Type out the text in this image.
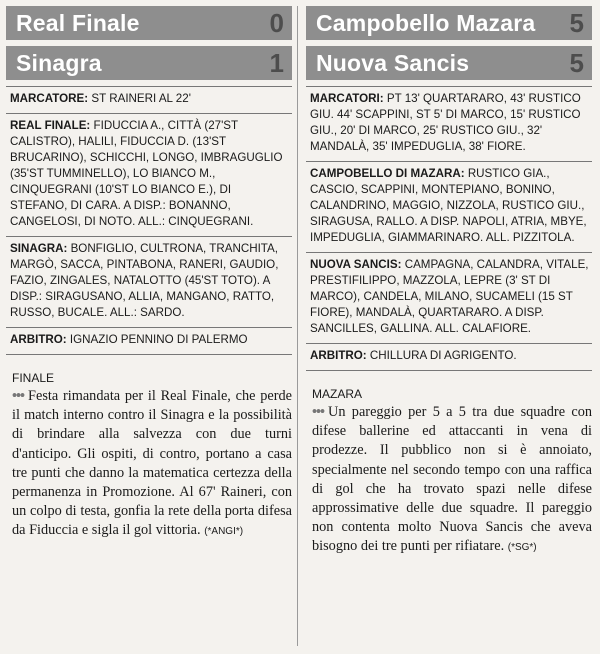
Real Finale	0
Sinagra	1
MARCATORE: ST RAINERI AL 22'
REAL FINALE: FIDUCCIA A., CITTÀ (27'ST CALISTRO), HALILI, FIDUCCIA D. (13'ST BRUCARINO), SCHICCHI, LONGO, IMBRAGUGLIO (35'ST TUMMINELLO), LO BIANCO M., CINQUEGRANI (10'ST LO BIANCO E.), DI STEFANO, DI CARA. A DISP.: BONANNO, CANGELOSI, DI NOTO. ALL.: CINQUEGRANI.
SINAGRA: BONFIGLIO, CULTRONA, TRANCHITA, MARGÒ, SACCA, PINTABONA, RANERI, GAUDIO, FAZIO, ZINGALES, NATALOTTO (45'ST TOTO). A DISP.: SIRAGUSANO, ALLIA, MANGANO, RATTO, RUSSO, BUCALE. ALL.: SARDO.
ARBITRO: IGNAZIO PENNINO DI PALERMO
FINALE
••• Festa rimandata per il Real Finale, che perde il match interno contro il Sinagra e la possibilità di brindare alla salvezza con due turni d'anticipo. Gli ospiti, di contro, portano a casa tre punti che danno la matematica certezza della permanenza in Promozione. Al 67' Raineri, con un colpo di testa, gonfia la rete della porta difesa da Fiduccia e sigla il gol vittoria. (*ANGI*)
Campobello Mazara 5
Nuova Sancis	5
MARCATORI: PT 13' QUARTARARO, 43' RUSTICO GIU. 44' SCAPPINI, ST 5' DI MARCO, 15' RUSTICO GIU., 20' DI MARCO, 25' RUSTICO GIU., 32' MANDALÀ, 35' IMPEDUGLIA, 38' FIORE.
CAMPOBELLO DI MAZARA: RUSTICO GIA., CASCIO, SCAPPINI, MONTEPIANO, BONINO, CALANDRINO, MAGGIO, NIZZOLA, RUSTICO GIU., SIRAGUSA, RALLO. A DISP. NAPOLI, ATRIA, MBYE, IMPEDUGLIA, GIAMMARINARO. ALL. PIZZITOLA.
NUOVA SANCIS: CAMPAGNA, CALANDRA, VITALE, PRESTIFILIPPO, MAZZOLA, LEPRE (3' ST DI MARCO), CANDELA, MILANO, SUCAMELI (15 ST FIORE), MANDALÀ, QUARTARARO. A DISP. SANCILLES, GALLINA. ALL. CALAFIORE.
ARBITRO: CHILLURA DI AGRIGENTO.
MAZARA
••• Un pareggio per 5 a 5 tra due squadre con difese ballerine ed attaccanti in vena di prodezze. Il pubblico non si è annoiato, specialmente nel secondo tempo con una raffica di gol che ha trovato spazi nelle difese approssimative delle due squadre. Il pareggio non contenta molto Nuova Sancis che aveva bisogno dei tre punti per rifiatare. (*SG*)
